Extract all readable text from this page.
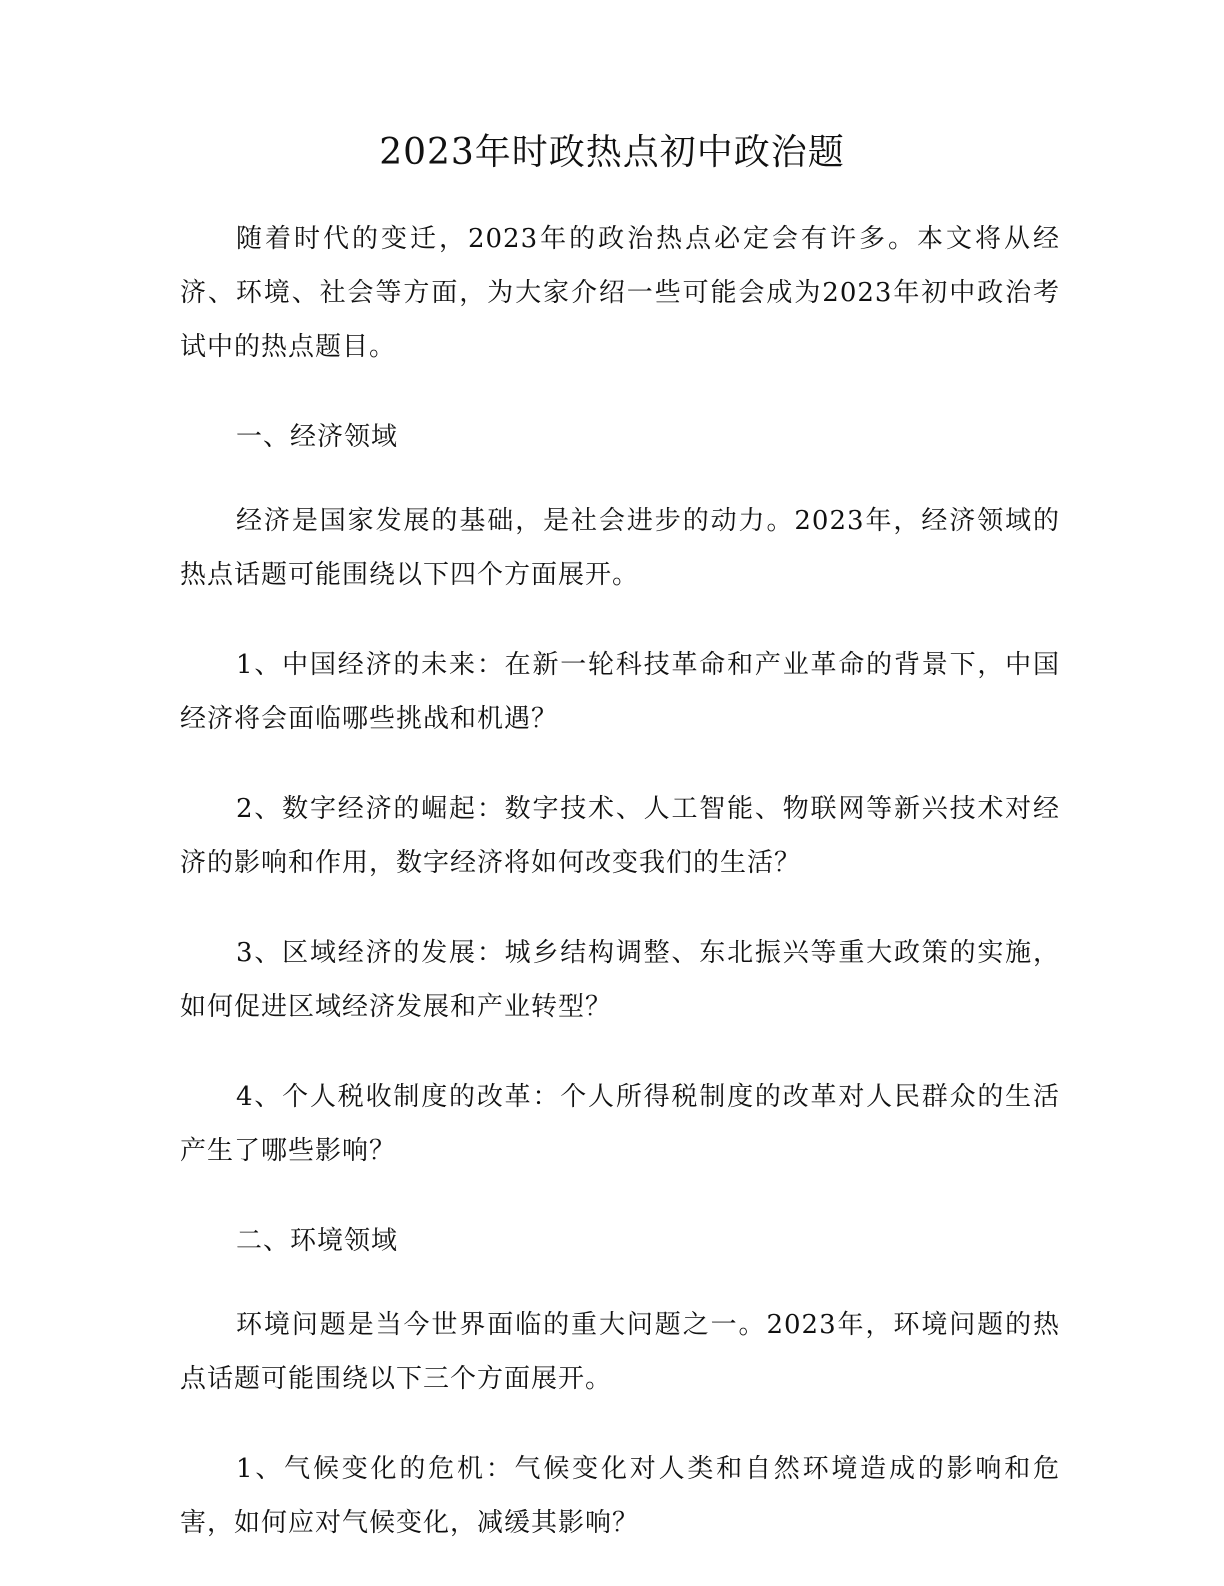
2023年时政热点初中政治题

随着时代的变迁，2023年的政治热点必定会有许多。本文将从经济、环境、社会等方面，为大家介绍一些可能会成为2023年初中政治考试中的热点题目。

一、经济领域

经济是国家发展的基础，是社会进步的动力。2023年，经济领域的热点话题可能围绕以下四个方面展开。

1、中国经济的未来：在新一轮科技革命和产业革命的背景下，中国经济将会面临哪些挑战和机遇？

2、数字经济的崛起：数字技术、人工智能、物联网等新兴技术对经济的影响和作用，数字经济将如何改变我们的生活？

3、区域经济的发展：城乡结构调整、东北振兴等重大政策的实施，如何促进区域经济发展和产业转型？

4、个人税收制度的改革：个人所得税制度的改革对人民群众的生活产生了哪些影响？

二、环境领域

环境问题是当今世界面临的重大问题之一。2023年，环境问题的热点话题可能围绕以下三个方面展开。

1、气候变化的危机：气候变化对人类和自然环境造成的影响和危害，如何应对气候变化，减缓其影响？
